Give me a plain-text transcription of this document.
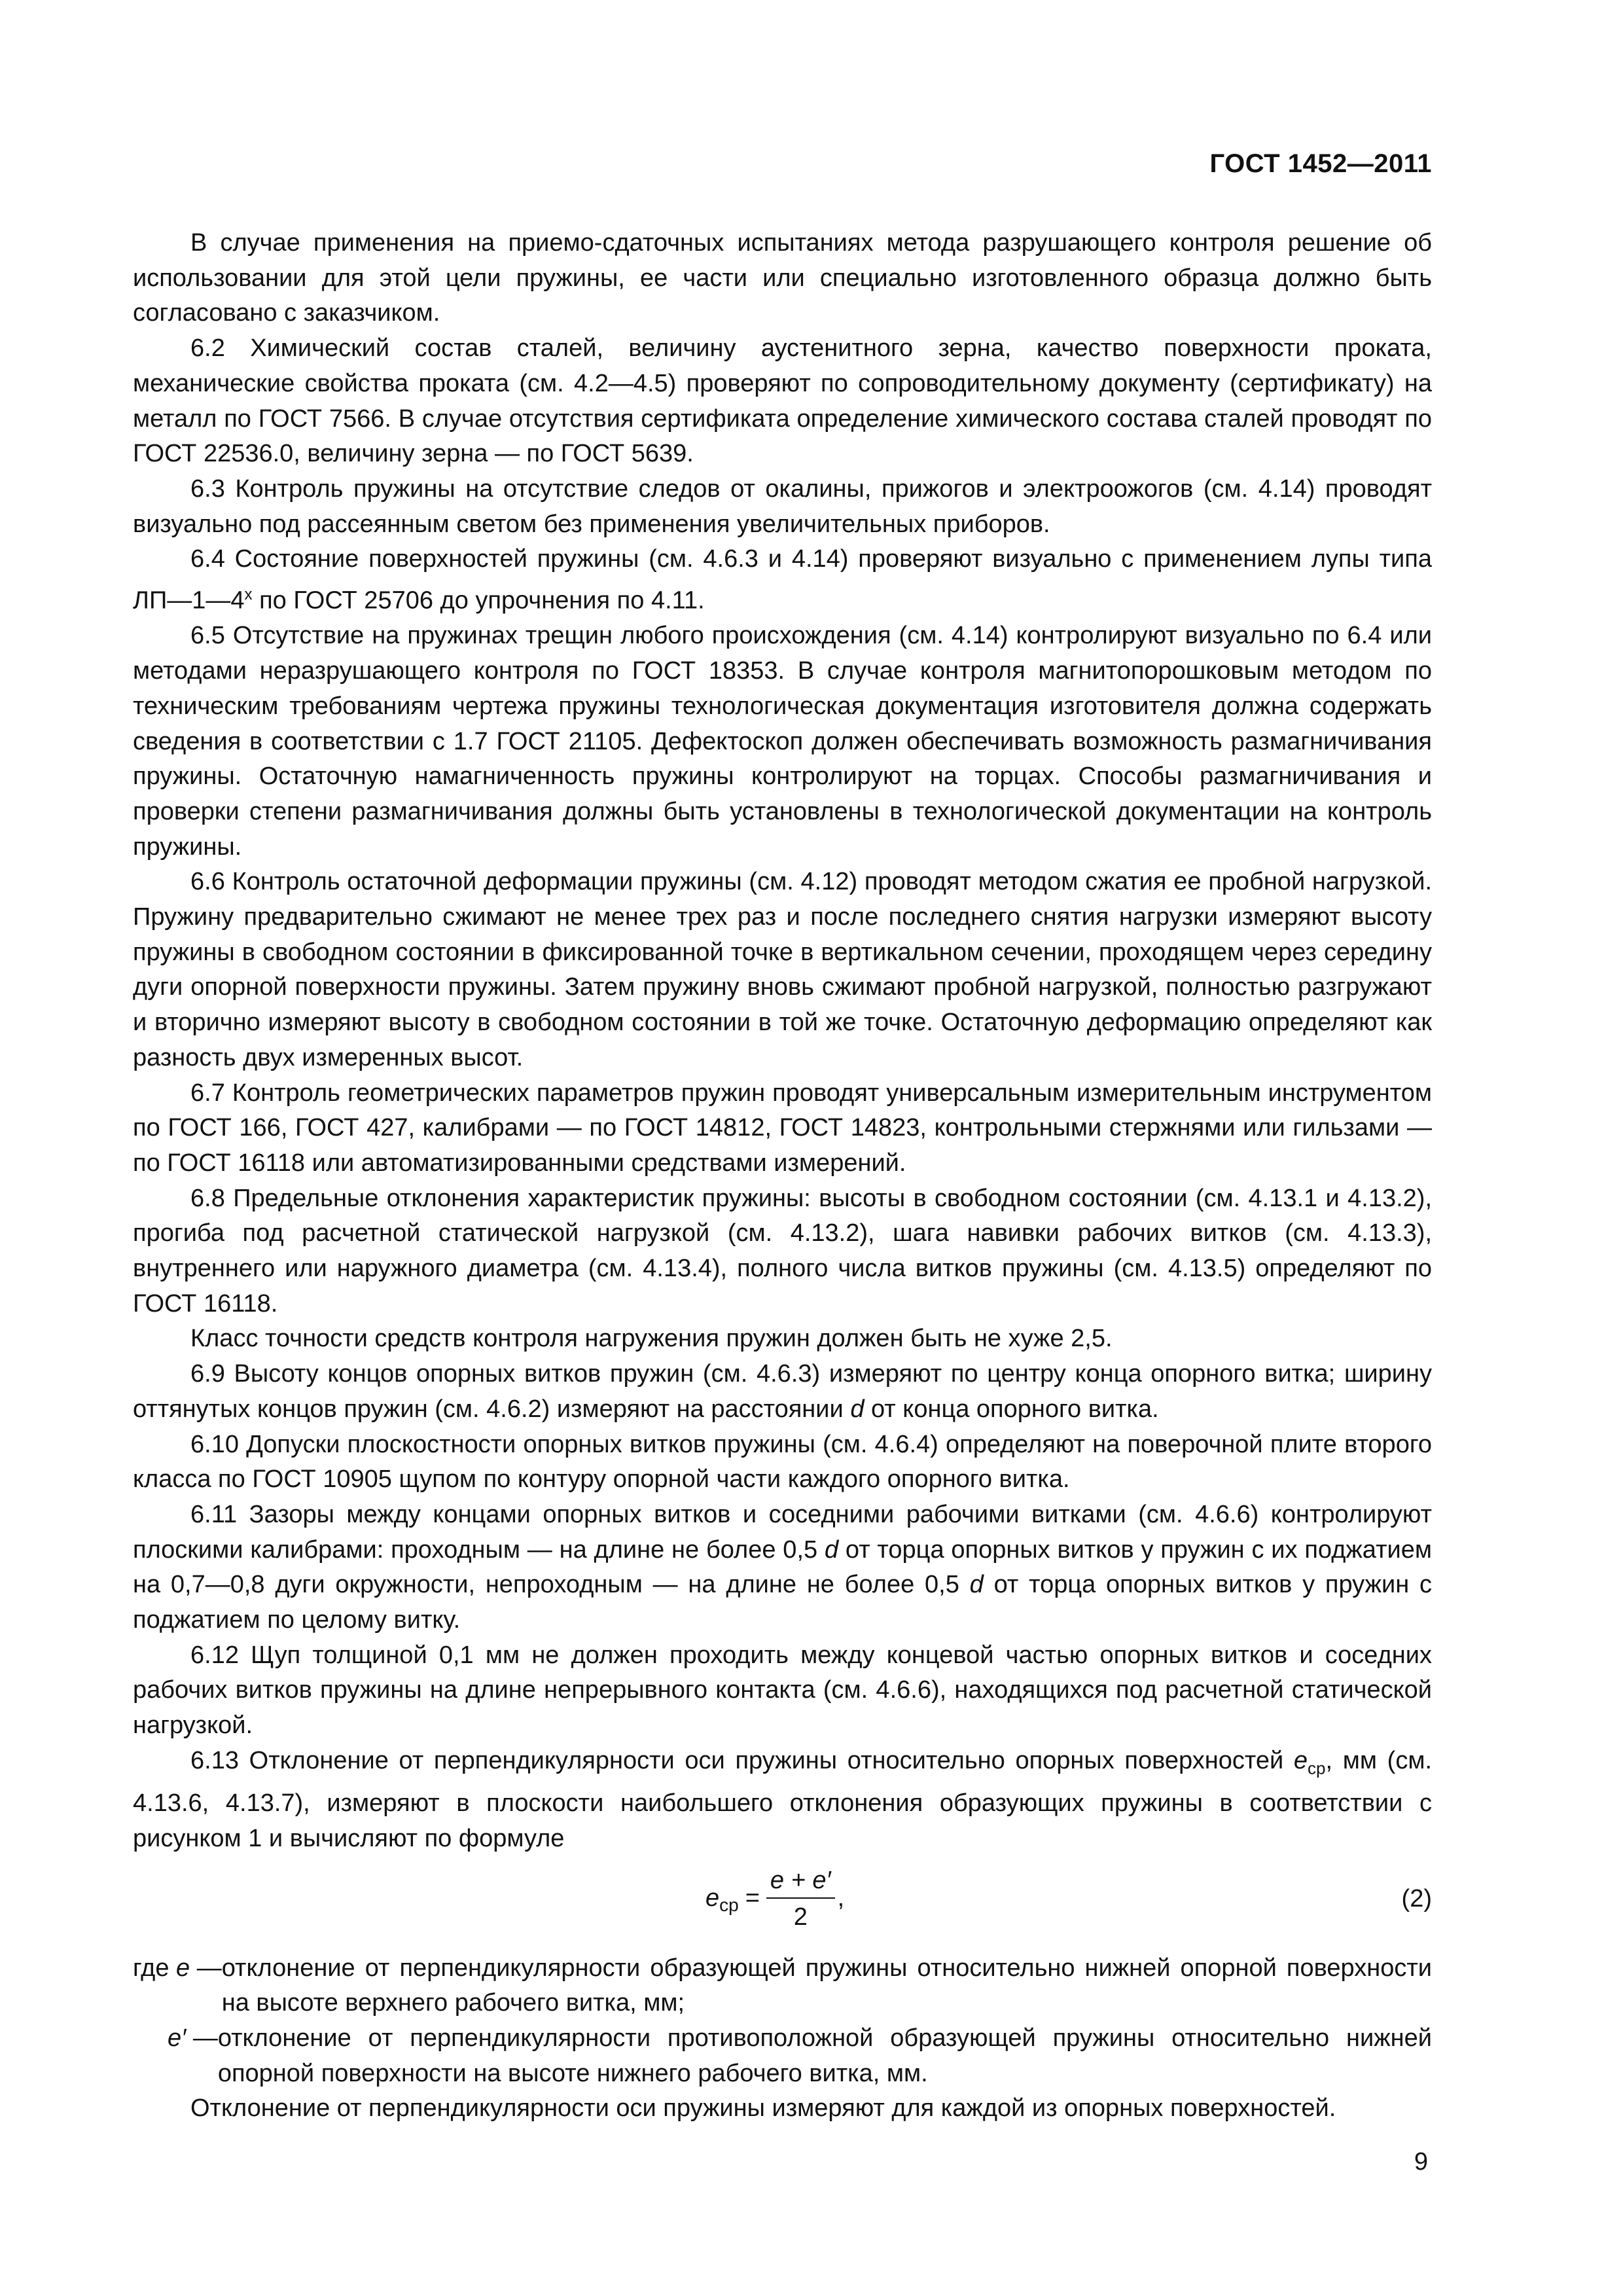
ГОСТ 1452—2011

В случае применения на приемо-сдаточных испытаниях метода разрушающего контроля решение об использовании для этой цели пружины, ее части или специально изготовленного образца должно быть согласовано с заказчиком.

6.2 Химический состав сталей, величину аустенитного зерна, качество поверхности проката, механические свойства проката (см. 4.2—4.5) проверяют по сопроводительному документу (сертификату) на металл по ГОСТ 7566. В случае отсутствия сертификата определение химического состава сталей проводят по ГОСТ 22536.0, величину зерна — по ГОСТ 5639.

6.3 Контроль пружины на отсутствие следов от окалины, прижогов и электроожогов (см. 4.14) проводят визуально под рассеянным светом без применения увеличительных приборов.

6.4 Состояние поверхностей пружины (см. 4.6.3 и 4.14) проверяют визуально с применением лупы типа $ЛП—1—4^х$ по ГОСТ 25706 до упрочнения по 4.11.

6.5 Отсутствие на пружинах трещин любого происхождения (см. 4.14) контролируют визуально по 6.4 или методами неразрушающего контроля по ГОСТ 18353. В случае контроля магнитопорошковым методом по техническим требованиям чертежа пружины технологическая документация изготовителя должна содержать сведения в соответствии с 1.7 ГОСТ 21105. Дефектоскоп должен обеспечивать возможность размагничивания пружины. Остаточную намагниченность пружины контролируют на торцах. Способы размагничивания и проверки степени размагничивания должны быть установлены в технологической документации на контроль пружины.

6.6 Контроль остаточной деформации пружины (см. 4.12) проводят методом сжатия ее пробной нагрузкой. Пружину предварительно сжимают не менее трех раз и после последнего снятия нагрузки измеряют высоту пружины в свободном состоянии в фиксированной точке в вертикальном сечении, проходящем через середину дуги опорной поверхности пружины. Затем пружину вновь сжимают пробной нагрузкой, полностью разгружают и вторично измеряют высоту в свободном состоянии в той же точке. Остаточную деформацию определяют как разность двух измеренных высот.

6.7 Контроль геометрических параметров пружин проводят универсальным измерительным инструментом по ГОСТ 166, ГОСТ 427, калибрами — по ГОСТ 14812, ГОСТ 14823, контрольными стержнями или гильзами — по ГОСТ 16118 или автоматизированными средствами измерений.

6.8 Предельные отклонения характеристик пружины: высоты в свободном состоянии (см. 4.13.1 и 4.13.2), прогиба под расчетной статической нагрузкой (см. 4.13.2), шага навивки рабочих витков (см. 4.13.3), внутреннего или наружного диаметра (см. 4.13.4), полного числа витков пружины (см. 4.13.5) определяют по ГОСТ 16118.

Класс точности средств контроля нагружения пружин должен быть не хуже 2,5.

6.9 Высоту концов опорных витков пружин (см. 4.6.3) измеряют по центру конца опорного витка; ширину оттянутых концов пружин (см. 4.6.2) измеряют на расстоянии d от конца опорного витка.

6.10 Допуски плоскостности опорных витков пружины (см. 4.6.4) определяют на поверочной плите второго класса по ГОСТ 10905 щупом по контуру опорной части каждого опорного витка.

6.11 Зазоры между концами опорных витков и соседними рабочими витками (см. 4.6.6) контролируют плоскими калибрами: проходным — на длине не более 0,5 d от торца опорных витков у пружин с их поджатием на 0,7—0,8 дуги окружности, непроходным — на длине не более 0,5 d от торца опорных витков у пружин с поджатием по целому витку.

6.12 Щуп толщиной 0,1 мм не должен проходить между концевой частью опорных витков и соседних рабочих витков пружины на длине непрерывного контакта (см. 4.6.6), находящихся под расчетной статической нагрузкой.

6.13 Отклонение от перпендикулярности оси пружины относительно опорных поверхностей $е_{ср}$, мм (см. 4.13.6, 4.13.7), измеряют в плоскости наибольшего отклонения образующих пружины в соответствии с рисунком 1 и вычисляют по формуле

е ср = $\frac{е + е'}{2}$ ,	(2)
где е — отклонение от перпендикулярности образующей пружины относительно нижней опорной поверхности на высоте верхнего рабочего витка, мм;
е′ — отклонение от перпендикулярности противоположной образующей пружины относительно нижней опорной поверхности на высоте нижнего рабочего витка, мм.

Отклонение от перпендикулярности оси пружины измеряют для каждой из опорных поверхностей.

9
